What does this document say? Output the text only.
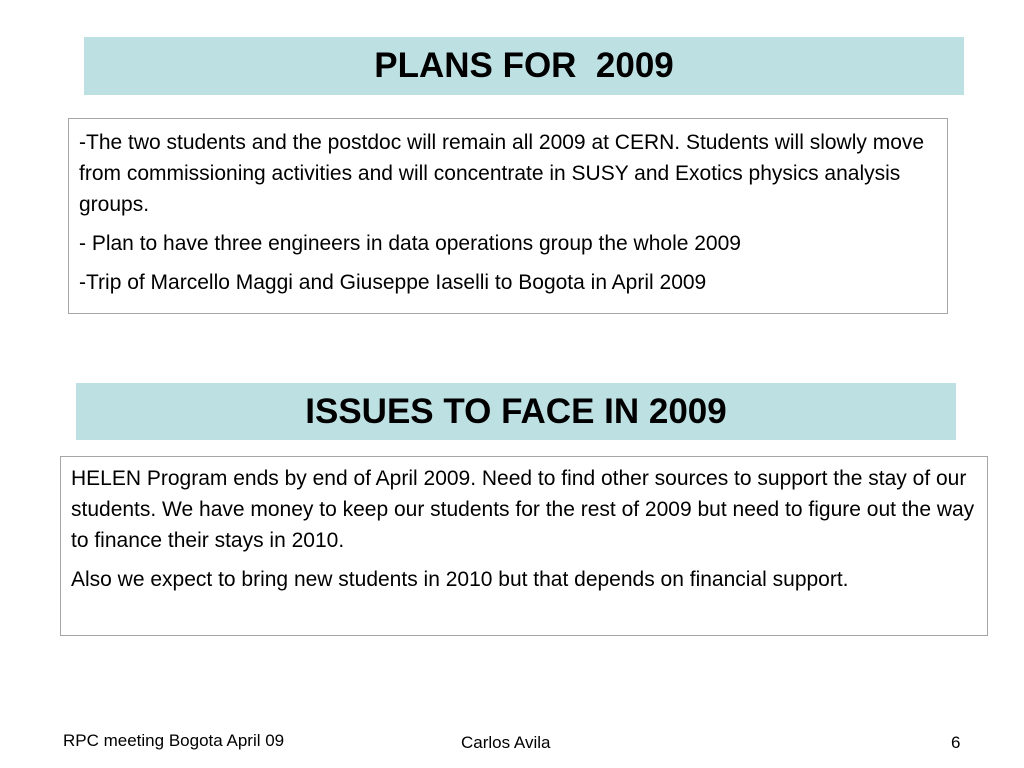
PLANS FOR  2009

-The two students and the postdoc will remain all 2009 at CERN. Students will slowly move from commissioning activities and will concentrate in SUSY and Exotics physics analysis groups.

- Plan to have three engineers in data operations group the whole 2009

-Trip of Marcello Maggi and Giuseppe Iaselli to Bogota in April 2009

ISSUES TO FACE IN 2009

HELEN Program ends by end of April 2009. Need to find other sources to support the stay of our students. We have money to keep our students for the rest of 2009 but need to figure out the way to finance their stays in 2010.

Also we expect to bring new students in 2010 but that depends on financial support.

RPC meeting Bogota April 09	Carlos Avila	6
